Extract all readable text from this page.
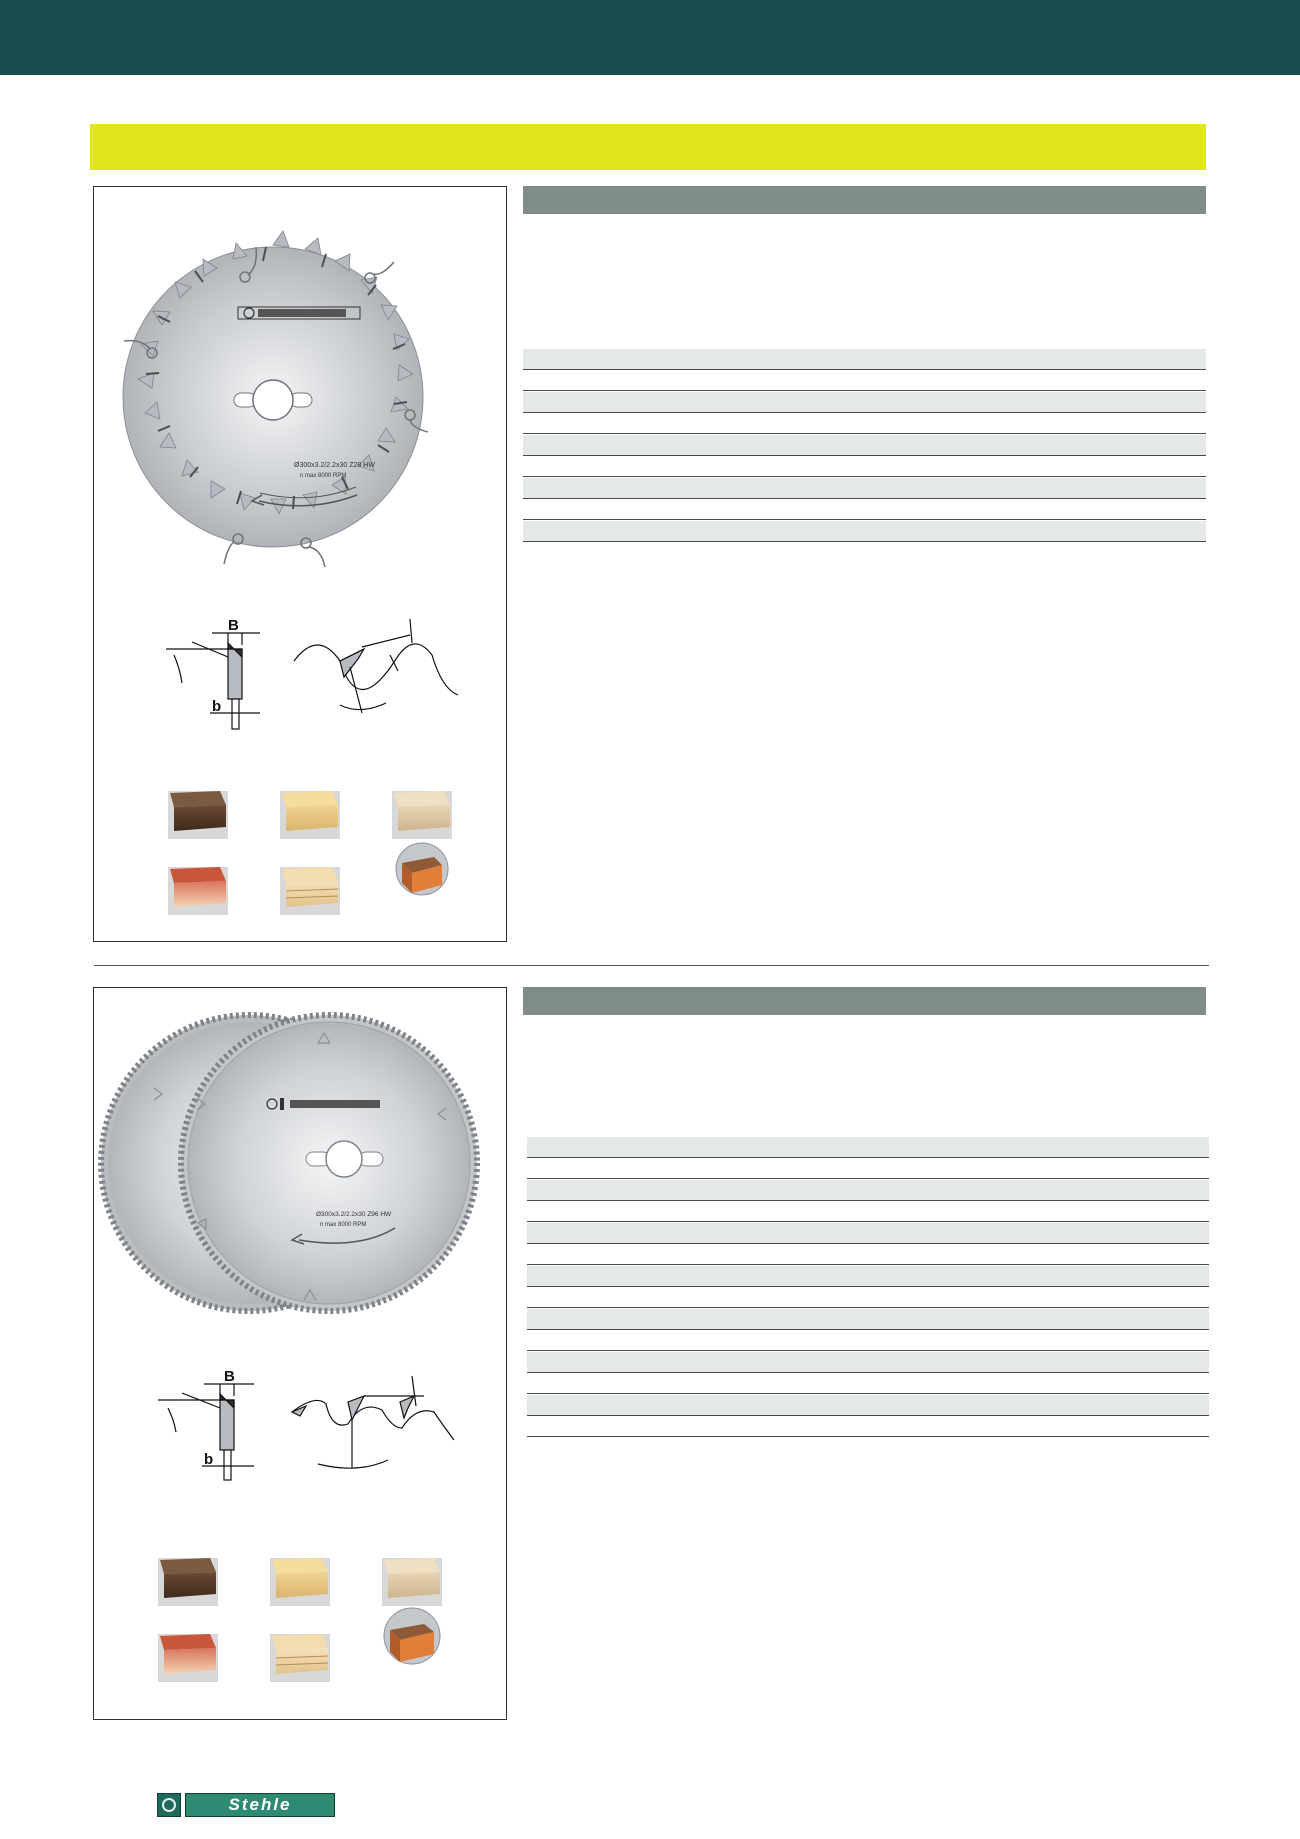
Ø300x3.2/2.2x30 Z28 HW
n max 8000 RPM
B
b
Ø300x3.2/2.2x30 Z96 HW
n max 8000 RPM
B
b
Stehle
